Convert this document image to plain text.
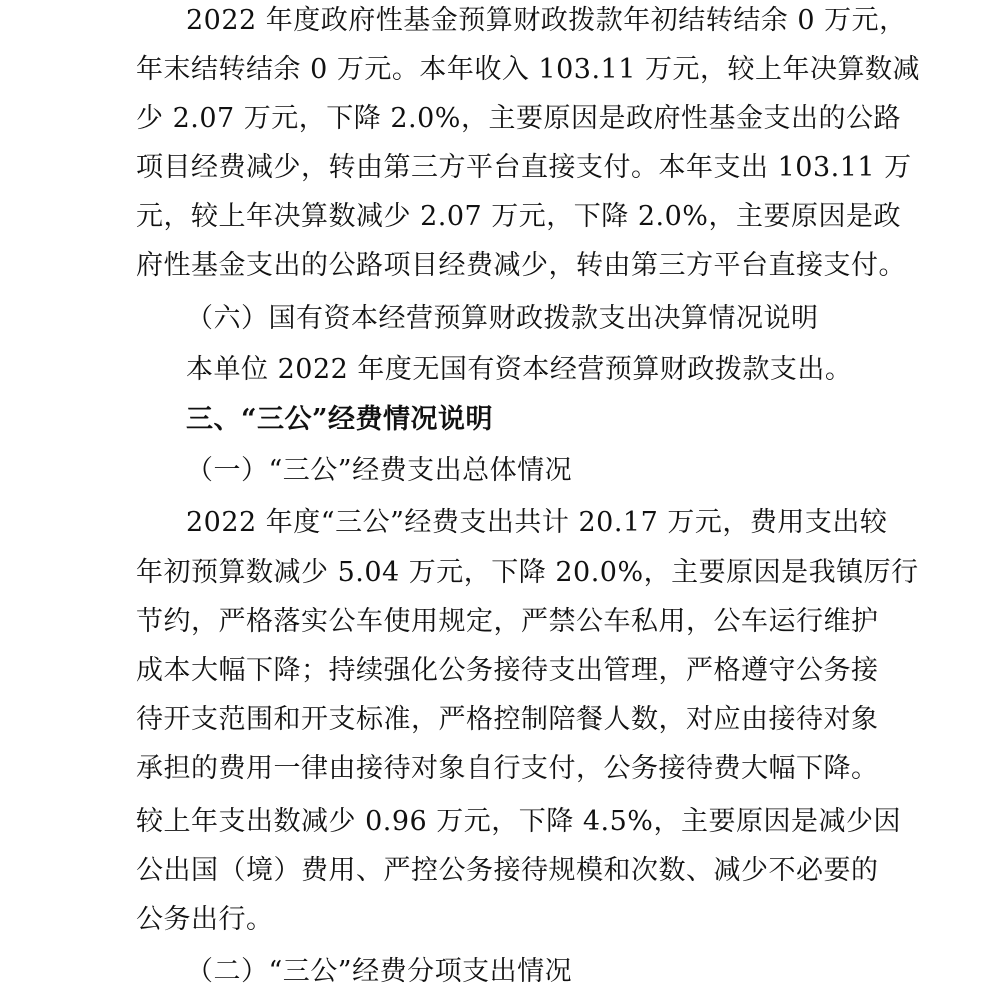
2022 年度政府性基金预算财政拨款年初结转结余 0 万元，
年末结转结余 0 万元。本年收入 103.11 万元，较上年决算数减
少 2.07 万元，下降 2.0%，主要原因是政府性基金支出的公路
项目经费减少，转由第三方平台直接支付。本年支出 103.11 万
元，较上年决算数减少 2.07 万元，下降 2.0%，主要原因是政
府性基金支出的公路项目经费减少，转由第三方平台直接支付。
（六）国有资本经营预算财政拨款支出决算情况说明
本单位 2022 年度无国有资本经营预算财政拨款支出。
三、“三公”经费情况说明
（一）“三公”经费支出总体情况
2022 年度“三公”经费支出共计 20.17 万元，费用支出较
年初预算数减少 5.04 万元，下降 20.0%，主要原因是我镇厉行
节约，严格落实公车使用规定，严禁公车私用，公车运行维护
成本大幅下降；持续强化公务接待支出管理，严格遵守公务接
待开支范围和开支标准，严格控制陪餐人数，对应由接待对象
承担的费用一律由接待对象自行支付，公务接待费大幅下降。
较上年支出数减少 0.96 万元，下降 4.5%，主要原因是减少因
公出国（境）费用、严控公务接待规模和次数、减少不必要的
公务出行。
（二）“三公”经费分项支出情况
